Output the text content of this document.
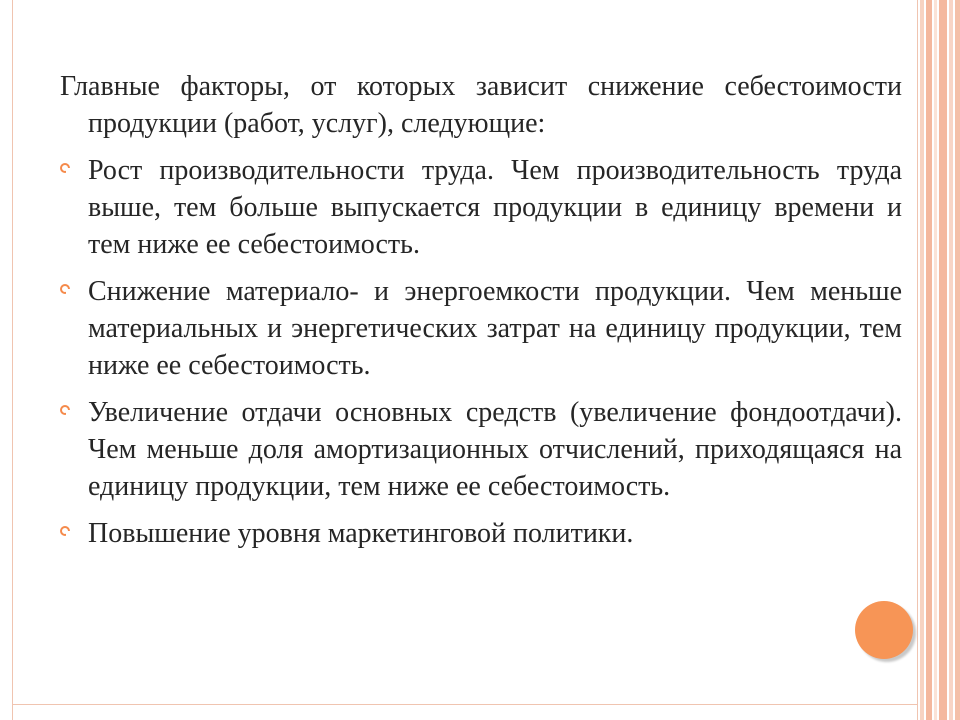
Главные факторы, от которых зависит снижение себестоимости продукции (работ, услуг), следующие:

Рост производительности труда. Чем производительность труда выше, тем больше выпускается продукции в единицу времени и тем ниже ее себестоимость.
Снижение материало- и энергоемкости продукции. Чем меньше материальных и энергетических затрат на единицу продукции, тем ниже ее себестоимость.
Увеличение отдачи основных средств (увеличение фондоотдачи). Чем меньше доля амортизационных отчислений, приходящаяся на единицу продукции, тем ниже ее себестоимость.
Повышение уровня маркетинговой политики.
